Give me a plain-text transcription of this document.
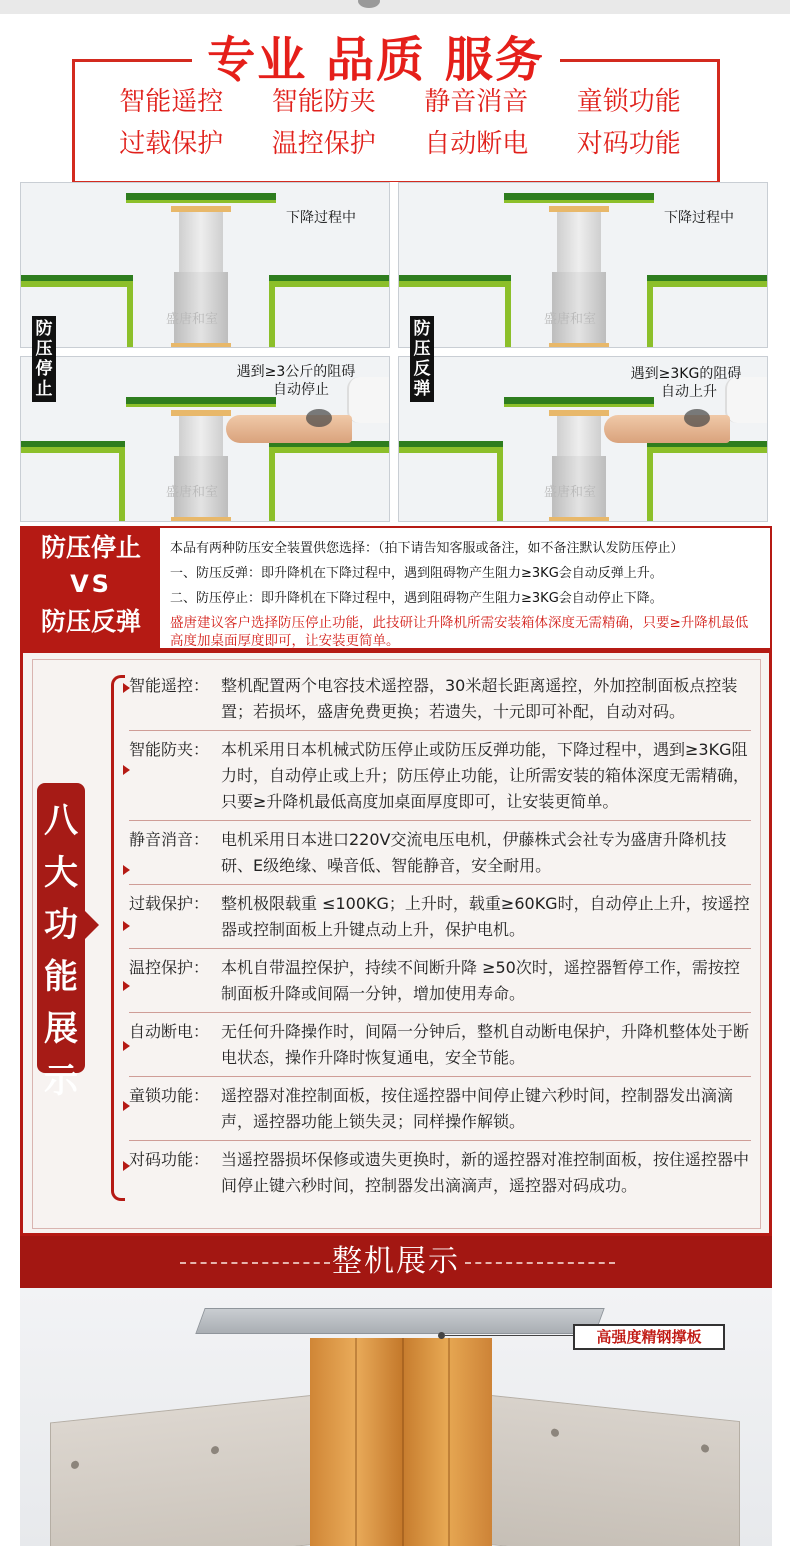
专业 品质 服务
智能遥控	智能防夹	静音消音	童锁功能
过载保护	温控保护	自动断电	对码功能
下降过程中
盛唐和室
下降过程中
盛唐和室
遇到≥3公斤的阻碍
自动停止
盛唐和室
遇到≥3KG的阻碍
自动上升
盛唐和室
防
压
停
止
防
压
反
弹
防压停止
VS
防压反弹

本品有两种防压安全装置供您选择：（拍下请告知客服或备注，如不备注默认发防压停止）

一、防压反弹：即升降机在下降过程中，遇到阻碍物产生阻力≥3KG会自动反弹上升。

二、防压停止：即升降机在下降过程中，遇到阻碍物产生阻力≥3KG会自动停止下降。

盛唐建议客户选择防压停止功能，此技研让升降机所需安装箱体深度无需精确，只要≥升降机最低高度加桌面厚度即可，让安装更简单。

八大功能展示
智能遥控： 整机配置两个电容技术遥控器，30米超长距离遥控，外加控制面板点控装置；若损坏，盛唐免费更换；若遗失，十元即可补配，自动对码。
智能防夹： 本机采用日本机械式防压停止或防压反弹功能，下降过程中，遇到≥3KG阻力时，自动停止或上升；防压停止功能，让所需安装的箱体深度无需精确，只要≥升降机最低高度加桌面厚度即可，让安装更简单。
静音消音： 电机采用日本进口220V交流电压电机，伊藤株式会社专为盛唐升降机技研、E级绝缘、噪音低、智能静音，安全耐用。
过载保护： 整机极限载重 ≤100KG；上升时，载重≥60KG时，自动停止上升，按遥控器或控制面板上升键点动上升，保护电机。
温控保护： 本机自带温控保护，持续不间断升降 ≥50次时，遥控器暂停工作，需按控制面板升降或间隔一分钟，增加使用寿命。
自动断电： 无任何升降操作时，间隔一分钟后，整机自动断电保护，升降机整体处于断电状态，操作升降时恢复通电，安全节能。
童锁功能： 遥控器对准控制面板，按住遥控器中间停止键六秒时间，控制器发出滴滴声，遥控器功能上锁失灵；同样操作解锁。
对码功能： 当遥控器损坏保修或遗失更换时，新的遥控器对准控制面板，按住遥控器中间停止键六秒时间，控制器发出滴滴声，遥控器对码成功。
整机展示
高强度精钢撑板
